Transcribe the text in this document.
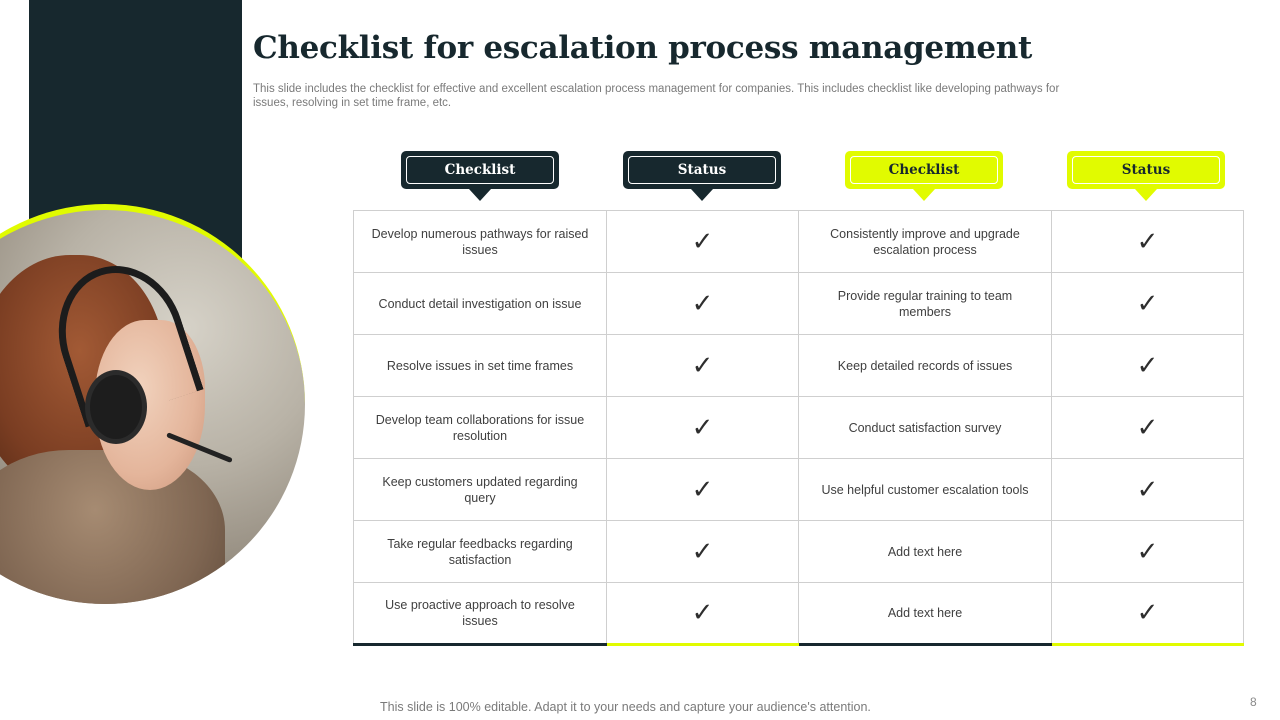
Checklist for escalation process management
This slide includes the checklist for effective and excellent escalation process management for companies. This includes checklist like developing pathways for issues, resolving in set time frame, etc.
Checklist	Status	Checklist	Status
Develop numerous pathways for raised issues	✓	Consistently improve and upgrade escalation process	✓
Conduct detail investigation on issue	✓	Provide regular training to team members	✓
Resolve issues in set time frames	✓	Keep detailed records of issues	✓
Develop team collaborations for issue resolution	✓	Conduct satisfaction survey	✓
Keep customers updated regarding query	✓	Use helpful customer escalation tools	✓
Take regular feedbacks regarding satisfaction	✓	Add text here	✓
Use proactive approach to resolve issues	✓	Add text here	✓
This slide is 100% editable. Adapt it to your needs and capture your audience's attention.	8
